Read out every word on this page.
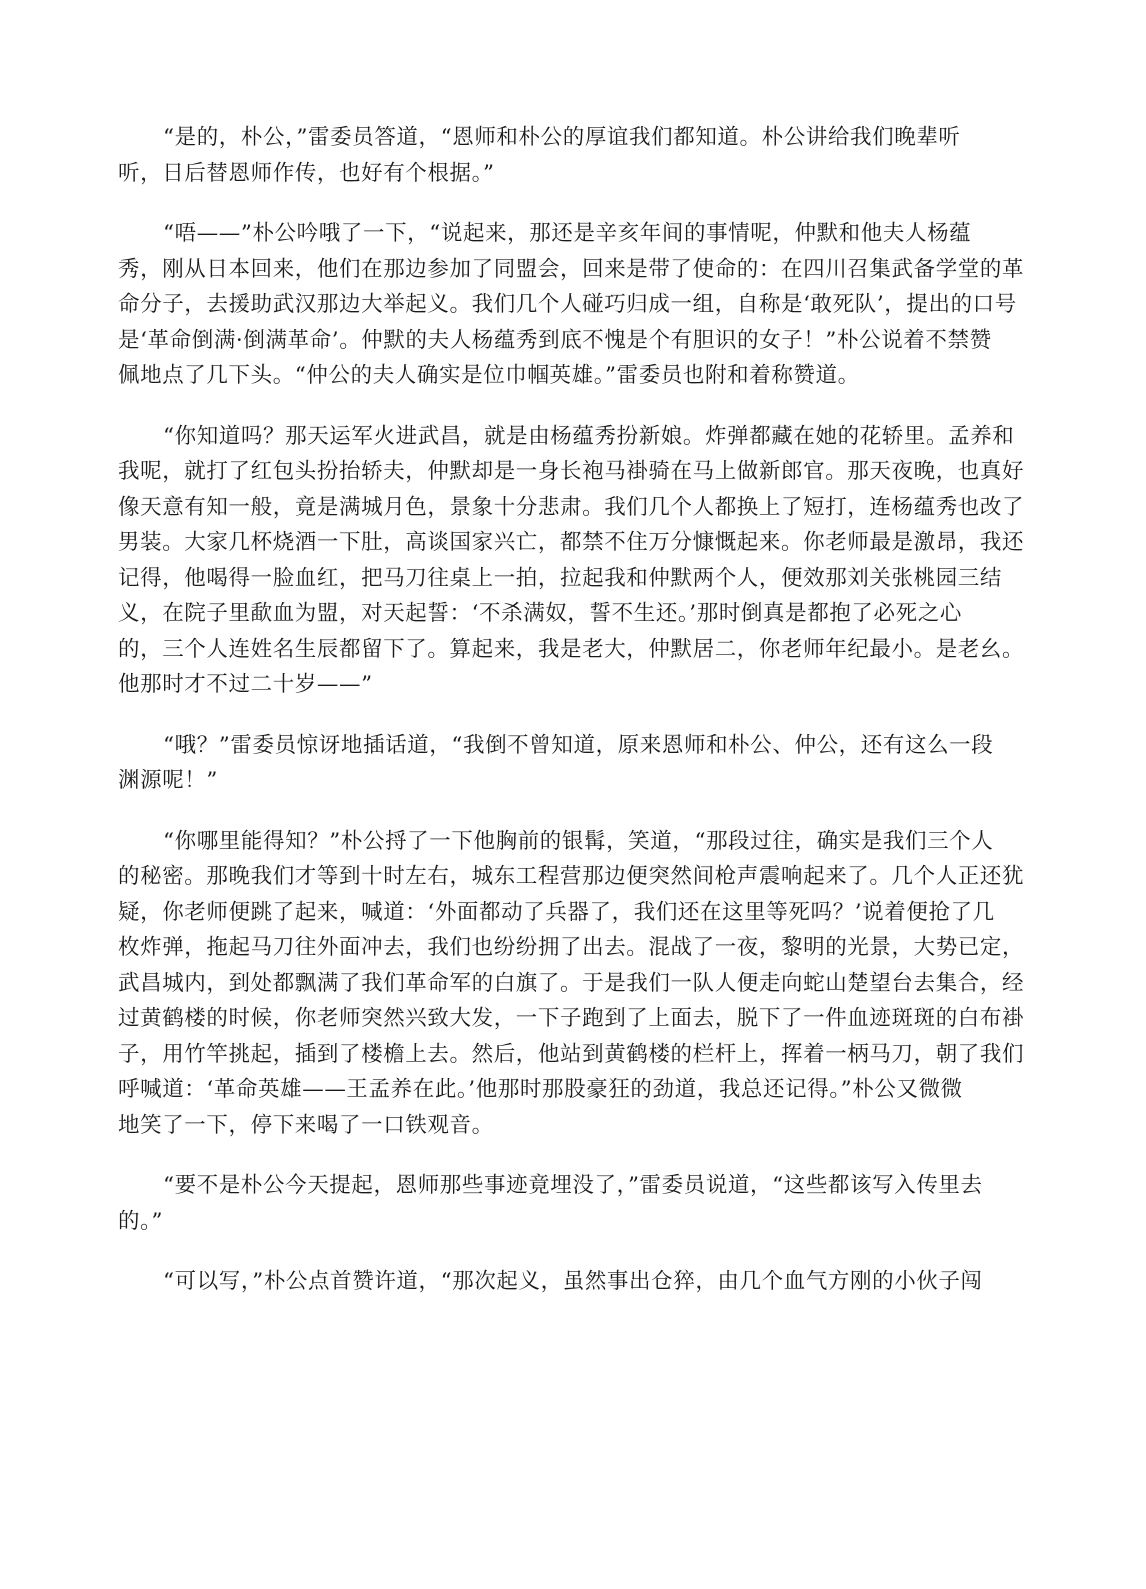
“是的，朴公，”雷委员答道，“恩师和朴公的厚谊我们都知道。朴公讲给我们晚辈听
听，日后替恩师作传，也好有个根据。”
“唔——”朴公吟哦了一下，“说起来，那还是辛亥年间的事情呢，仲默和他夫人杨蕴
秀，刚从日本回来，他们在那边参加了同盟会，回来是带了使命的：在四川召集武备学堂的革
命分子，去援助武汉那边大举起义。我们几个人碰巧归成一组，自称是‘敢死队’，提出的口号
是‘革命倒满·倒满革命’。仲默的夫人杨蕴秀到底不愧是个有胆识的女子！”朴公说着不禁赞
佩地点了几下头。“仲公的夫人确实是位巾帼英雄。”雷委员也附和着称赞道。
“你知道吗？那天运军火进武昌，就是由杨蕴秀扮新娘。炸弹都藏在她的花轿里。孟养和
我呢，就打了红包头扮抬轿夫，仲默却是一身长袍马褂骑在马上做新郎官。那天夜晚，也真好
像天意有知一般，竟是满城月色，景象十分悲肃。我们几个人都换上了短打，连杨蕴秀也改了
男装。大家几杯烧酒一下肚，高谈国家兴亡，都禁不住万分慷慨起来。你老师最是激昂，我还
记得，他喝得一脸血红，把马刀往桌上一拍，拉起我和仲默两个人，便效那刘关张桃园三结
义，在院子里歃血为盟，对天起誓：‘不杀满奴，誓不生还。’那时倒真是都抱了必死之心
的，三个人连姓名生辰都留下了。算起来，我是老大，仲默居二，你老师年纪最小。是老幺。
他那时才不过二十岁——”
“哦？”雷委员惊讶地插话道，“我倒不曾知道，原来恩师和朴公、仲公，还有这么一段
渊源呢！”
“你哪里能得知？”朴公捋了一下他胸前的银髯，笑道，“那段过往，确实是我们三个人
的秘密。那晚我们才等到十时左右，城东工程营那边便突然间枪声震响起来了。几个人正还犹
疑，你老师便跳了起来，喊道：‘外面都动了兵器了，我们还在这里等死吗？’说着便抢了几
枚炸弹，拖起马刀往外面冲去，我们也纷纷拥了出去。混战了一夜，黎明的光景，大势已定，
武昌城内，到处都飘满了我们革命军的白旗了。于是我们一队人便走向蛇山楚望台去集合，经
过黄鹤楼的时候，你老师突然兴致大发，一下子跑到了上面去，脱下了一件血迹斑斑的白布褂
子，用竹竿挑起，插到了楼檐上去。然后，他站到黄鹤楼的栏杆上，挥着一柄马刀，朝了我们
呼喊道：‘革命英雄——王孟养在此。’他那时那股豪狂的劲道，我总还记得。”朴公又微微
地笑了一下，停下来喝了一口铁观音。
“要不是朴公今天提起，恩师那些事迹竟埋没了，”雷委员说道，“这些都该写入传里去
的。”
“可以写，”朴公点首赞许道，“那次起义，虽然事出仓猝，由几个血气方刚的小伙子闯
